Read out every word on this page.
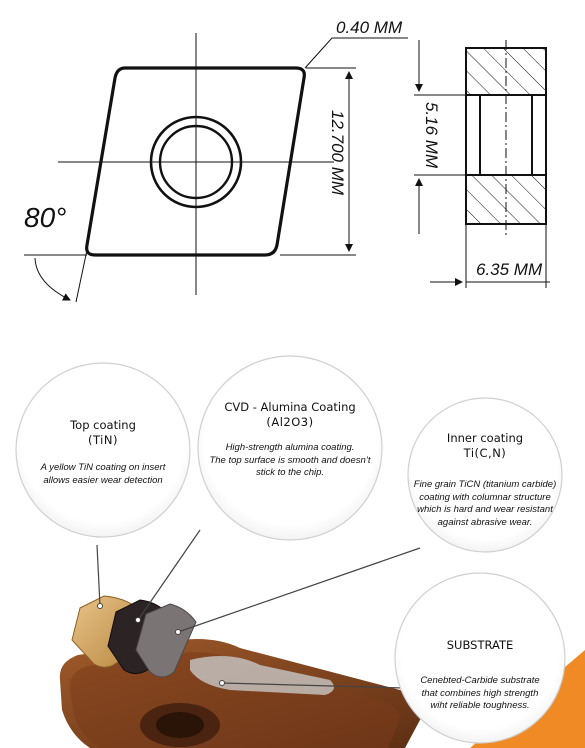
0.40 MM
12.700 MM
80°
5.16 MM
6.35 MM
Top coating
(TiN)
A yellow TiN coating on insert
allows easier wear detection
CVD - Alumina Coating
(Al2O3)
High-strength alumina coating.
The top surface is smooth and doesn’t
stick to the chip.
Inner coating
Ti(C,N)
Fine grain TiCN (titanium carbide)
coating with columnar structure
which is hard and wear resistant
against abrasive wear.
SUBSTRATE
Cenebted-Carbide substrate
that combines high strength
wiht reliable toughness.
